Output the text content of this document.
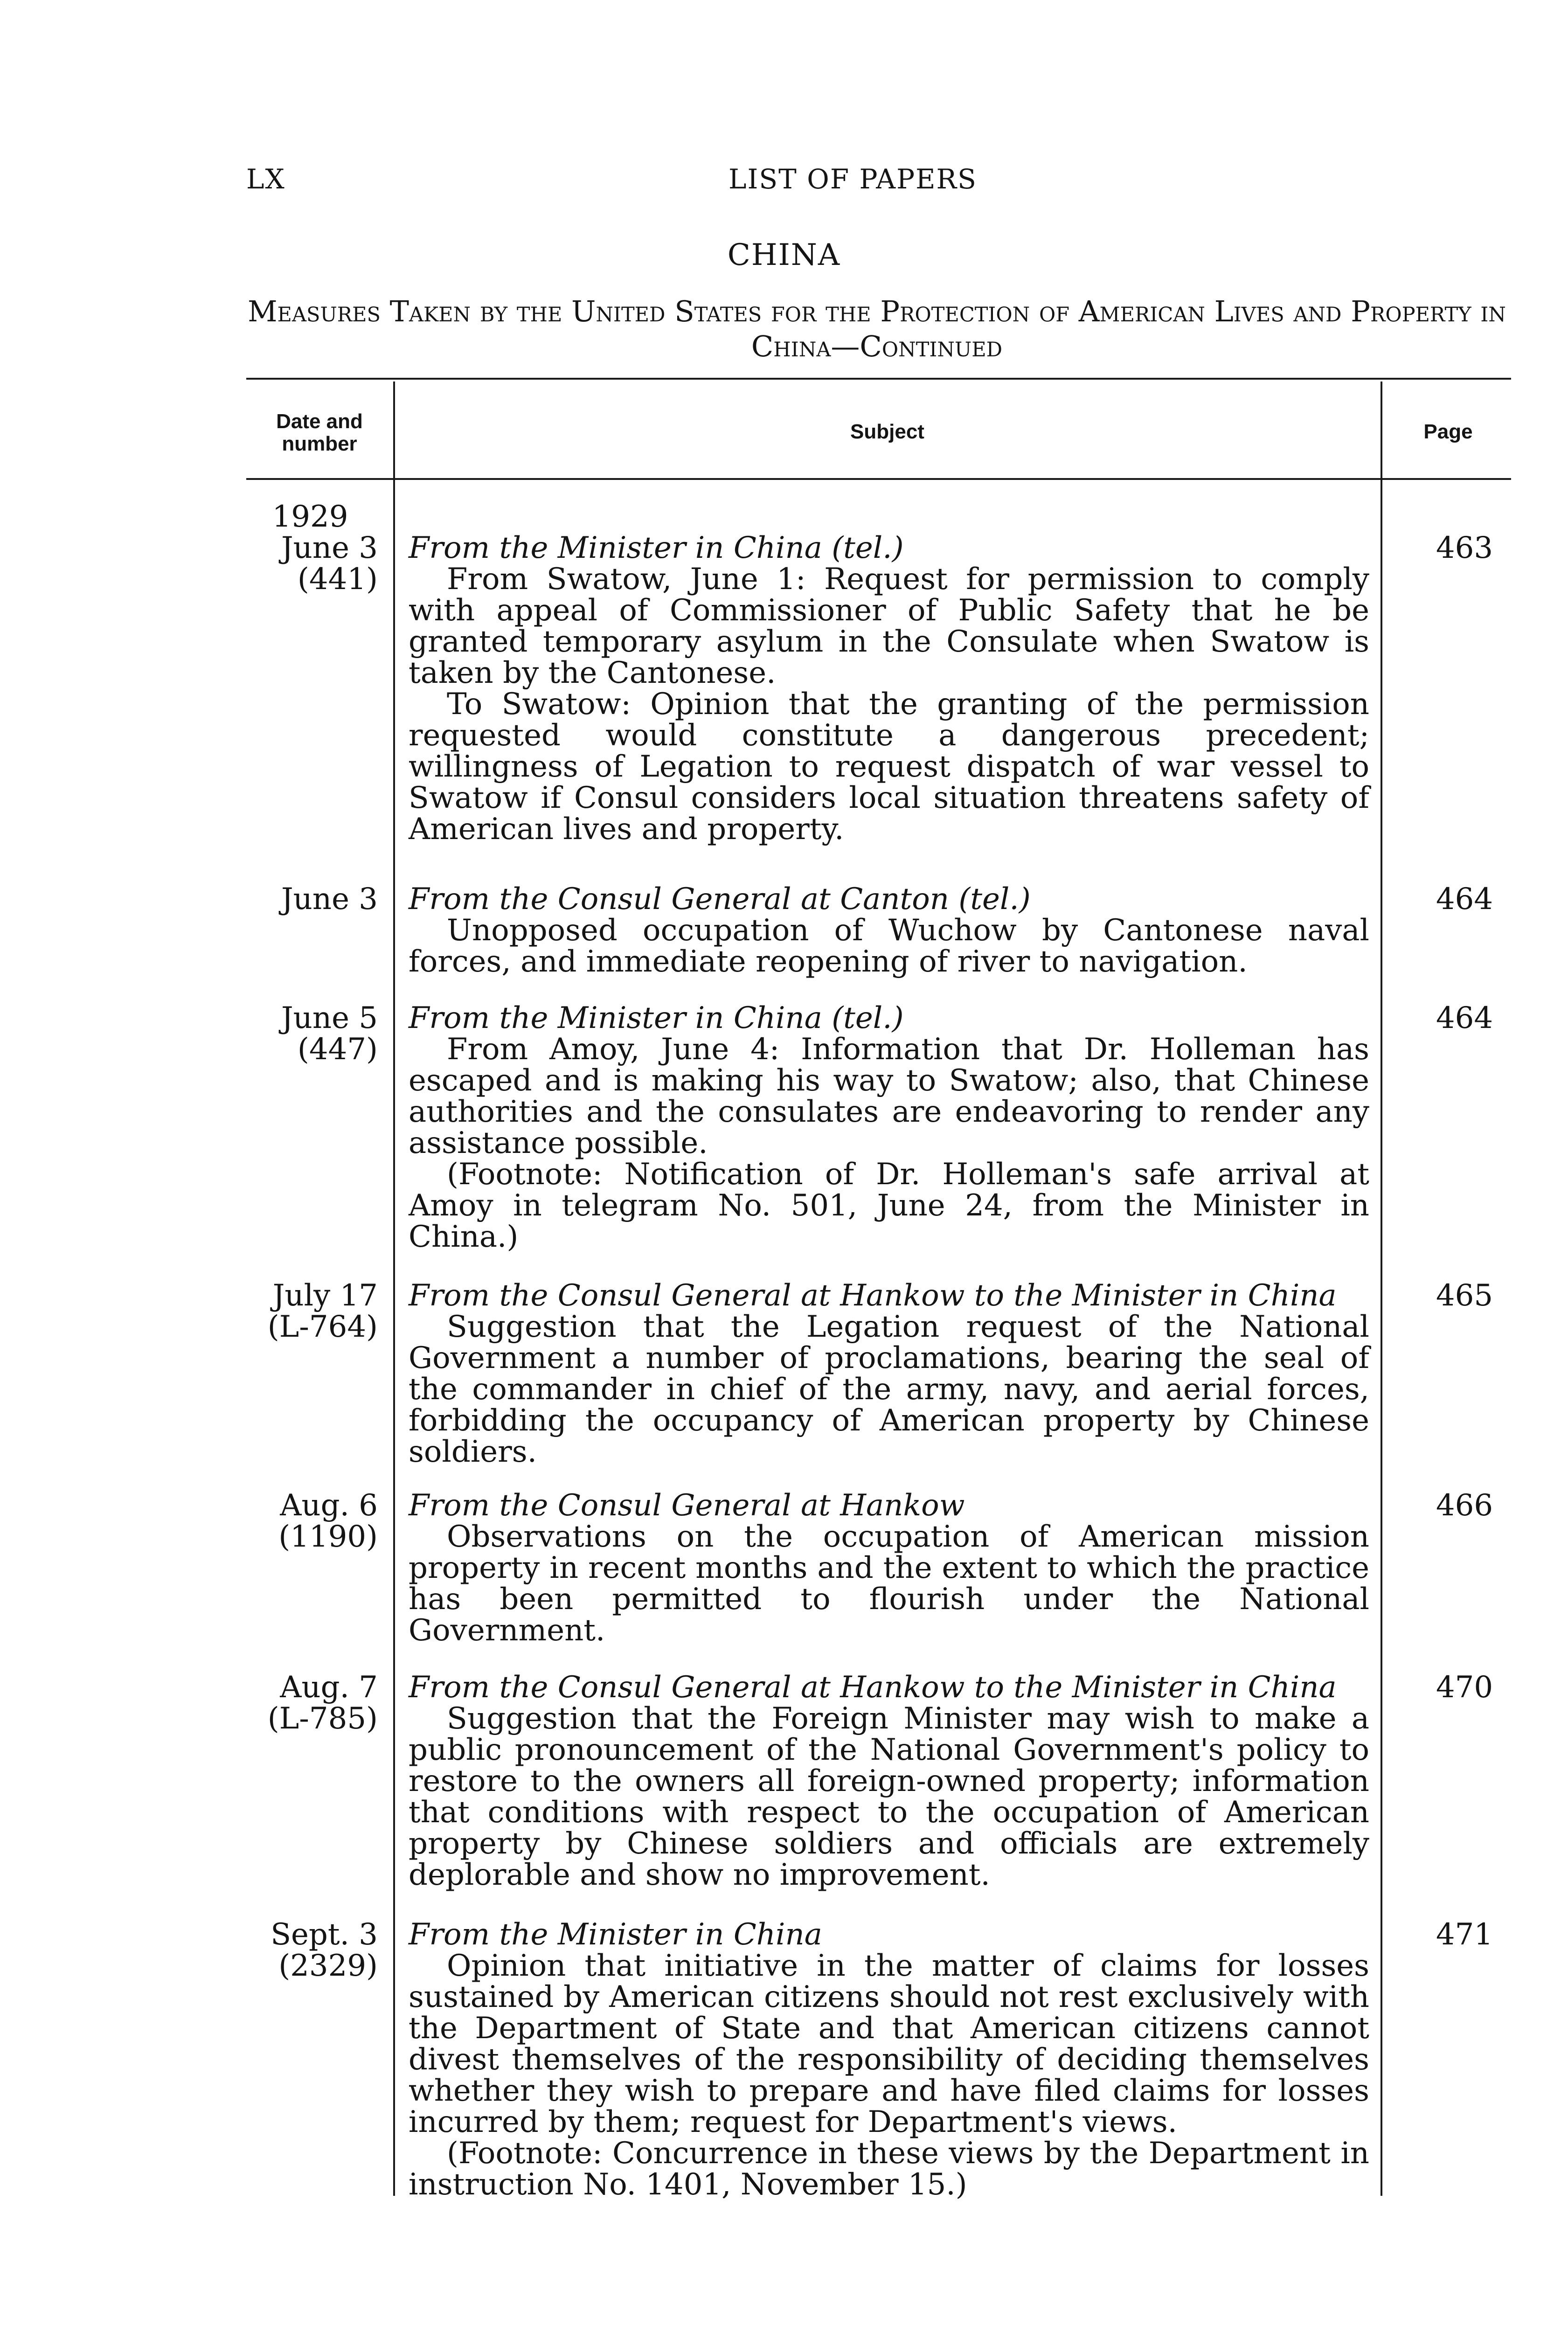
LX	LIST OF PAPERS
CHINA
Measures Taken by the United States for the Protection of American Lives and Property in China—Continued
Date and number
Subject	Page
1929
June 3
(441)
From the Minister in China (tel.)

From Swatow, June 1: Request for permission to comply with appeal of Commissioner of Public Safety that he be granted temporary asylum in the Consulate when Swatow is taken by the Cantonese.

To Swatow: Opinion that the granting of the permission requested would constitute a dangerous precedent; willingness of Legation to request dispatch of war vessel to Swatow if Consul considers local situation threatens safety of American lives and property.

463
June 3 From the Consul General at Canton (tel.)

Unopposed occupation of Wuchow by Cantonese naval forces, and immediate reopening of river to navigation.

464
June 5
(447)
From the Minister in China (tel.)

From Amoy, June 4: Information that Dr. Holleman has escaped and is making his way to Swatow; also, that Chinese authorities and the consulates are endeavoring to render any assistance possible.

(Footnote: Notification of Dr. Holleman's safe arrival at Amoy in telegram No. 501, June 24, from the Minister in China.)

464
July 17
(L-764)
From the Consul General at Hankow to the Minister in China

Suggestion that the Legation request of the National Government a number of proclamations, bearing the seal of the commander in chief of the army, navy, and aerial forces, forbidding the occupancy of American property by Chinese soldiers.

465
Aug. 6
(1190)
From the Consul General at Hankow

Observations on the occupation of American mission property in recent months and the extent to which the practice has been permitted to flourish under the National Government.

466
Aug. 7
(L-785)
From the Consul General at Hankow to the Minister in China

Suggestion that the Foreign Minister may wish to make a public pronouncement of the National Government's policy to restore to the owners all foreign-owned property; information that conditions with respect to the occupation of American property by Chinese soldiers and officials are extremely deplorable and show no improvement.

470
Sept. 3
(2329)
From the Minister in China

Opinion that initiative in the matter of claims for losses sustained by American citizens should not rest exclusively with the Department of State and that American citizens cannot divest themselves of the responsibility of deciding themselves whether they wish to prepare and have filed claims for losses incurred by them; request for Department's views.

(Footnote: Concurrence in these views by the Department in instruction No. 1401, November 15.)

471
